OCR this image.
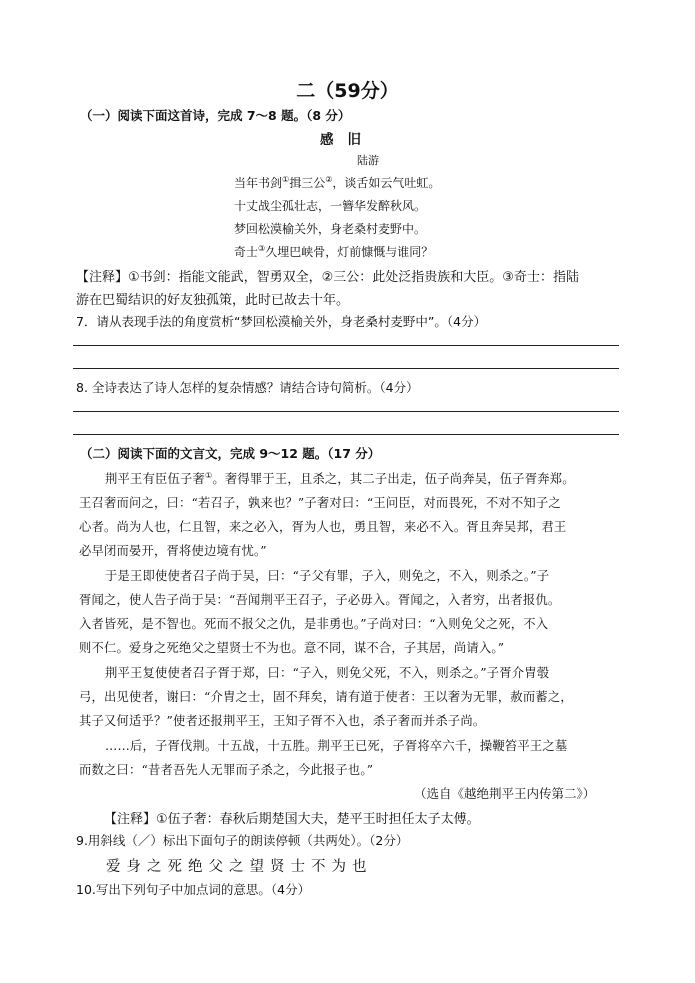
二（59分）
（一）阅读下面这首诗，完成 7～8 题。（8 分）
感旧
陆游
当年书剑①揖三公②，谈舌如云气吐虹。
十丈战尘孤壮志，一簪华发醉秋风。
梦回松漠榆关外，身老桑村麦野中。
奇士③久埋巴峡骨，灯前慷慨与谁同？
【注释】①书剑：指能文能武，智勇双全，②三公：此处泛指贵族和大臣。③奇士：指陆
游在巴蜀结识的好友独孤策，此时已故去十年。
7．请从表现手法的角度赏析“梦回松漠榆关外，身老桑村麦野中”。（4分）
8. 全诗表达了诗人怎样的复杂情感？请结合诗句简析。（4分）
（二）阅读下面的文言文，完成 9～12 题。（17 分）
荆平王有臣伍子奢①。奢得罪于王，且杀之，其二子出走，伍子尚奔吴，伍子胥奔郑。
王召奢而问之，曰：“若召子，孰来也？”子奢对曰：“王问臣，对而畏死，不对不知子之
心者。尚为人也，仁且智，来之必入，胥为人也，勇且智，来必不入。胥且奔吴邦，君王
必早闭而晏开，胥将使边境有忧。”
于是王即使使者召子尚于吴，曰：“子父有罪，子入，则免之，不入，则杀之。”子
胥闻之，使人告子尚于吴：“吾闻荆平王召子，子必毋入。胥闻之，入者穷，出者报仇。
入者皆死，是不智也。死而不报父之仇，是非勇也。”子尚对曰：“入则免父之死，不入
则不仁。爱身之死绝父之望贤士不为也。意不同，谋不合，子其居，尚请入。”
荆平王复使使者召子胥于郑，曰：“子入，则免父死，不入，则杀之。”子胥介胄彀
弓，出见使者，谢曰：“介胄之士，固不拜矣，请有道于使者：王以奢为无罪，赦而蓄之，
其子又何适乎？”使者还报荆平王，王知子胥不入也，杀子奢而并杀子尚。
……后，子胥伐荆。十五战，十五胜。荆平王已死，子胥将卒六千，操鞭笞平王之墓
而数之曰：“昔者吾先人无罪而子杀之，今此报子也。”
（选自《越绝荆平王内传第二》）
【注释】①伍子奢：春秋后期楚国大夫，楚平王时担任太子太傅。
9.用斜线（／）标出下面句子的朗读停顿（共两处）。（2分）
爱身之死绝父之望贤士不为也
10.写出下列句子中加点词的意思。（4分）
